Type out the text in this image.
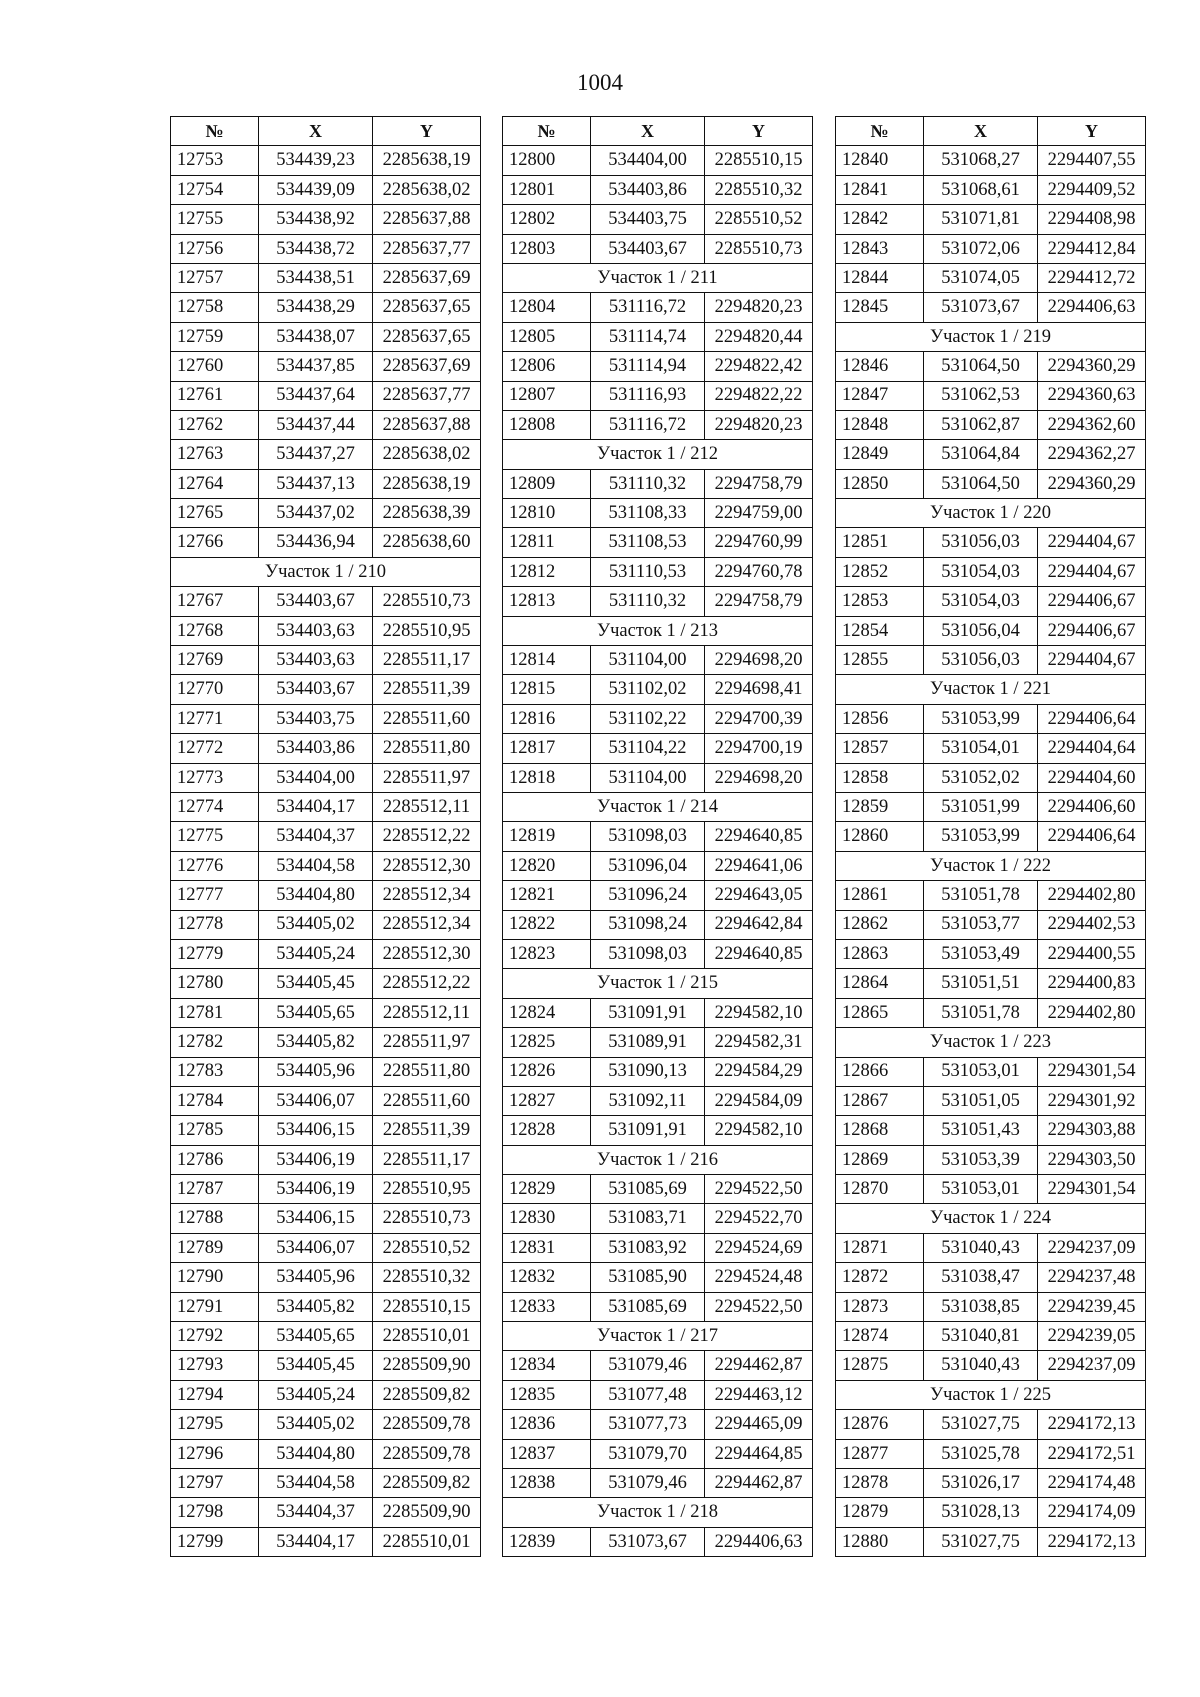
1004
№	X	Y
12753	534439,23	2285638,19
12754	534439,09	2285638,02
12755	534438,92	2285637,88
12756	534438,72	2285637,77
12757	534438,51	2285637,69
12758	534438,29	2285637,65
12759	534438,07	2285637,65
12760	534437,85	2285637,69
12761	534437,64	2285637,77
12762	534437,44	2285637,88
12763	534437,27	2285638,02
12764	534437,13	2285638,19
12765	534437,02	2285638,39
12766	534436,94	2285638,60
Участок 1 / 210		
12767	534403,67	2285510,73
12768	534403,63	2285510,95
12769	534403,63	2285511,17
12770	534403,67	2285511,39
12771	534403,75	2285511,60
12772	534403,86	2285511,80
12773	534404,00	2285511,97
12774	534404,17	2285512,11
12775	534404,37	2285512,22
12776	534404,58	2285512,30
12777	534404,80	2285512,34
12778	534405,02	2285512,34
12779	534405,24	2285512,30
12780	534405,45	2285512,22
12781	534405,65	2285512,11
12782	534405,82	2285511,97
12783	534405,96	2285511,80
12784	534406,07	2285511,60
12785	534406,15	2285511,39
12786	534406,19	2285511,17
12787	534406,19	2285510,95
12788	534406,15	2285510,73
12789	534406,07	2285510,52
12790	534405,96	2285510,32
12791	534405,82	2285510,15
12792	534405,65	2285510,01
12793	534405,45	2285509,90
12794	534405,24	2285509,82
12795	534405,02	2285509,78
12796	534404,80	2285509,78
12797	534404,58	2285509,82
12798	534404,37	2285509,90
12799	534404,17	2285510,01
№	X	Y
12800	534404,00	2285510,15
12801	534403,86	2285510,32
12802	534403,75	2285510,52
12803	534403,67	2285510,73
Участок 1 / 211		
12804	531116,72	2294820,23
12805	531114,74	2294820,44
12806	531114,94	2294822,42
12807	531116,93	2294822,22
12808	531116,72	2294820,23
Участок 1 / 212		
12809	531110,32	2294758,79
12810	531108,33	2294759,00
12811	531108,53	2294760,99
12812	531110,53	2294760,78
12813	531110,32	2294758,79
Участок 1 / 213		
12814	531104,00	2294698,20
12815	531102,02	2294698,41
12816	531102,22	2294700,39
12817	531104,22	2294700,19
12818	531104,00	2294698,20
Участок 1 / 214		
12819	531098,03	2294640,85
12820	531096,04	2294641,06
12821	531096,24	2294643,05
12822	531098,24	2294642,84
12823	531098,03	2294640,85
Участок 1 / 215		
12824	531091,91	2294582,10
12825	531089,91	2294582,31
12826	531090,13	2294584,29
12827	531092,11	2294584,09
12828	531091,91	2294582,10
Участок 1 / 216		
12829	531085,69	2294522,50
12830	531083,71	2294522,70
12831	531083,92	2294524,69
12832	531085,90	2294524,48
12833	531085,69	2294522,50
Участок 1 / 217		
12834	531079,46	2294462,87
12835	531077,48	2294463,12
12836	531077,73	2294465,09
12837	531079,70	2294464,85
12838	531079,46	2294462,87
Участок 1 / 218		
12839	531073,67	2294406,63
№	X	Y
12840	531068,27	2294407,55
12841	531068,61	2294409,52
12842	531071,81	2294408,98
12843	531072,06	2294412,84
12844	531074,05	2294412,72
12845	531073,67	2294406,63
Участок 1 / 219		
12846	531064,50	2294360,29
12847	531062,53	2294360,63
12848	531062,87	2294362,60
12849	531064,84	2294362,27
12850	531064,50	2294360,29
Участок 1 / 220		
12851	531056,03	2294404,67
12852	531054,03	2294404,67
12853	531054,03	2294406,67
12854	531056,04	2294406,67
12855	531056,03	2294404,67
Участок 1 / 221		
12856	531053,99	2294406,64
12857	531054,01	2294404,64
12858	531052,02	2294404,60
12859	531051,99	2294406,60
12860	531053,99	2294406,64
Участок 1 / 222		
12861	531051,78	2294402,80
12862	531053,77	2294402,53
12863	531053,49	2294400,55
12864	531051,51	2294400,83
12865	531051,78	2294402,80
Участок 1 / 223		
12866	531053,01	2294301,54
12867	531051,05	2294301,92
12868	531051,43	2294303,88
12869	531053,39	2294303,50
12870	531053,01	2294301,54
Участок 1 / 224		
12871	531040,43	2294237,09
12872	531038,47	2294237,48
12873	531038,85	2294239,45
12874	531040,81	2294239,05
12875	531040,43	2294237,09
Участок 1 / 225		
12876	531027,75	2294172,13
12877	531025,78	2294172,51
12878	531026,17	2294174,48
12879	531028,13	2294174,09
12880	531027,75	2294172,13
